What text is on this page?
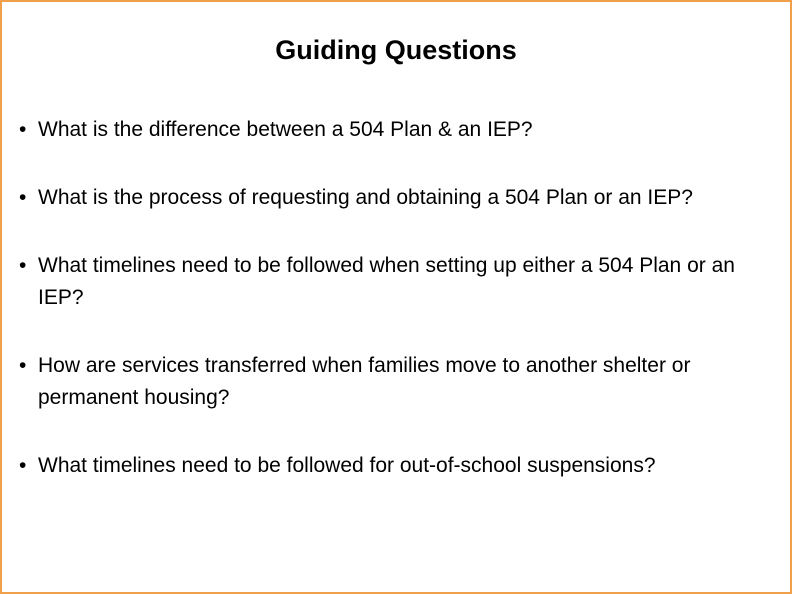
Guiding Questions
• What is the difference between a 504 Plan & an IEP?
• What is the process of requesting and obtaining a 504 Plan or an IEP?
• What timelines need to be followed when setting up either a 504 Plan or an IEP?
• How are services transferred when families move to another shelter or permanent housing?
• What timelines need to be followed for out-of-school suspensions?
